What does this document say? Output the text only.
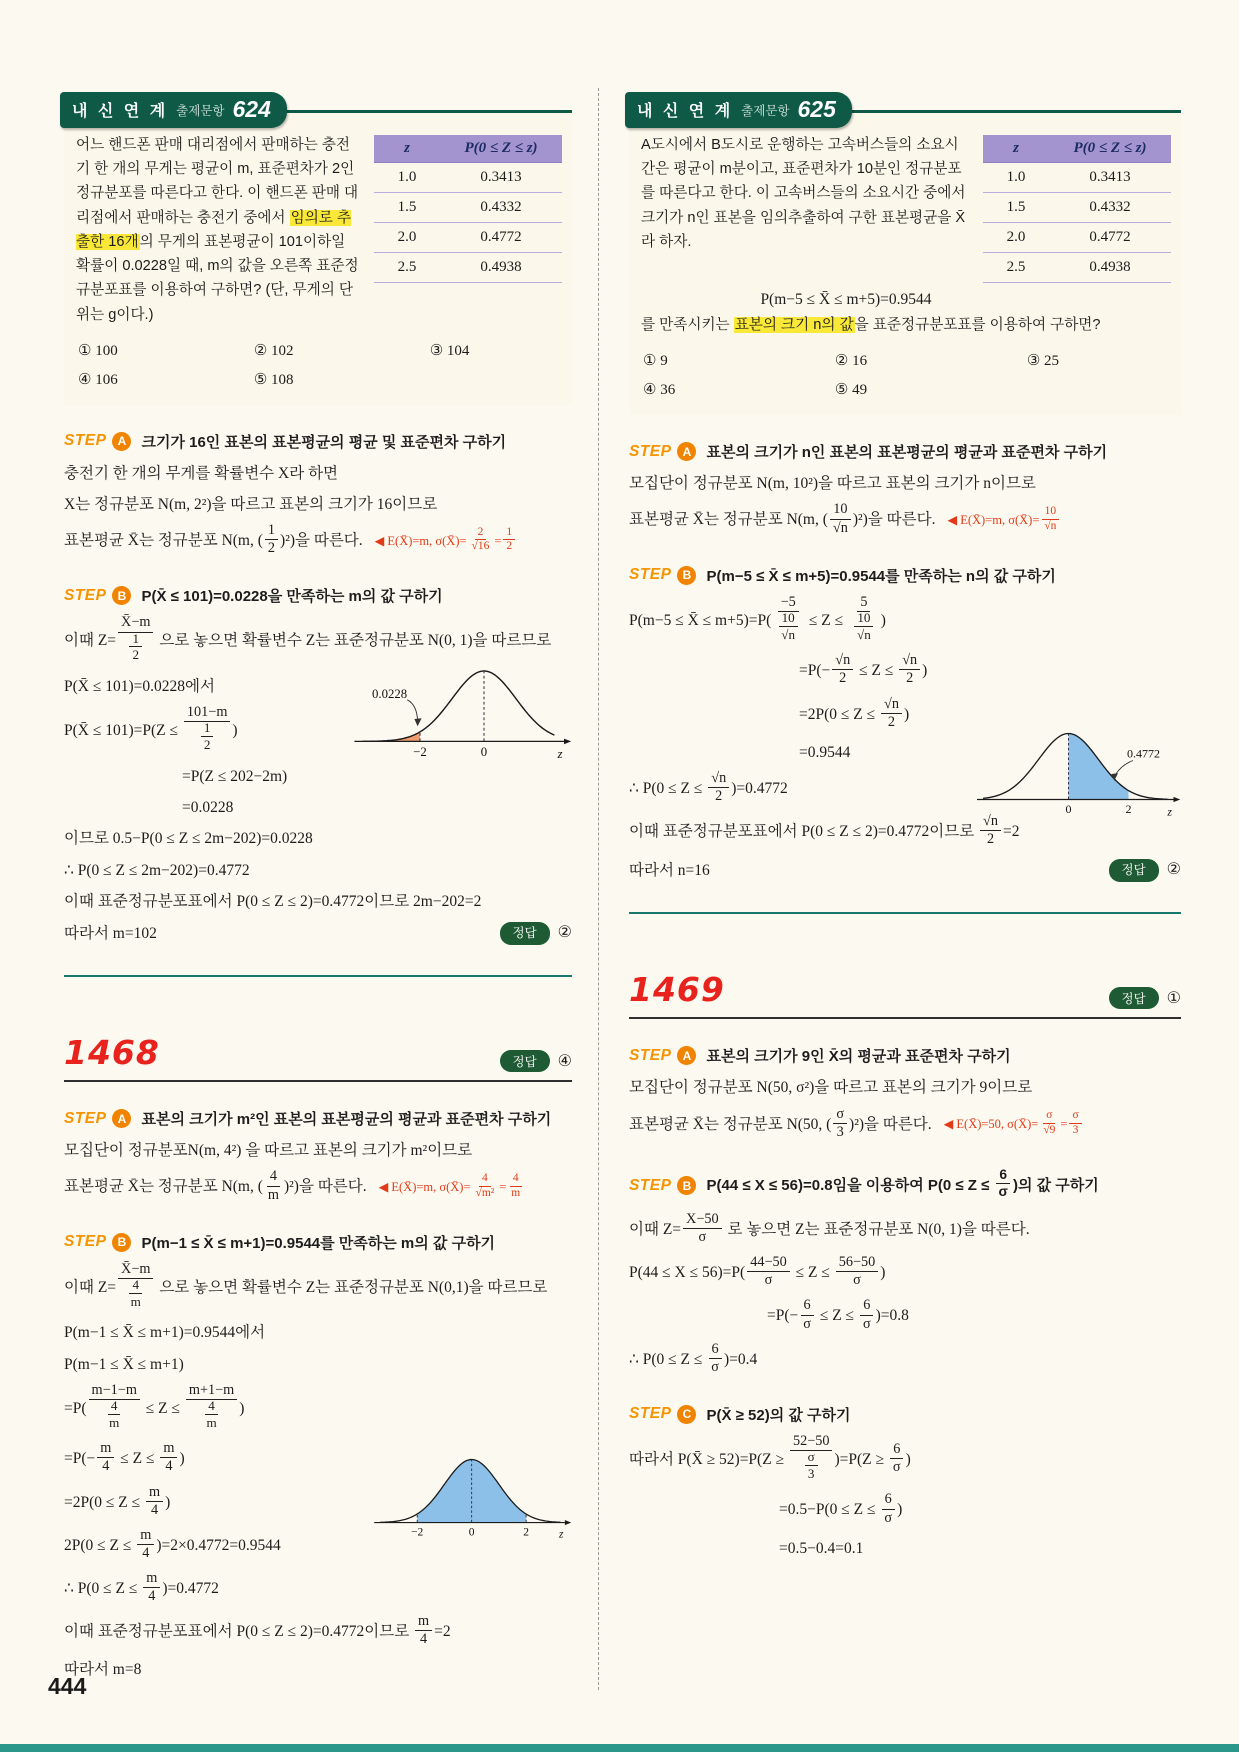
내 신 연 계 출제문항 624

어느 핸드폰 판매 대리점에서 판매하는 충전기 한 개의 무게는 평균이 m, 표준편차가 2인 정규분포를 따른다고 한다. 이 핸드폰 판매 대리점에서 판매하는 충전기 중에서 임의로 추출한 16개의 무게의 표본평균이 101이하일 확률이 0.0228일 때, m의 값을 오른쪽 표준정규분포표를 이용하여 구하면? (단, 무게의 단위는 g이다.)

z	P(0 ≤ Z ≤ z)
1.0	0.3413
1.5	0.4332
2.0	0.4772
2.5	0.4938
① 100	② 102	③ 104
④ 106	⑤ 108
STEP A	크기가 16인 표본의 표본평균의 평균 및 표준편차 구하기
충전기 한 개의 무게를 확률변수 X라 하면
X는 정규분포 N(m, 2²)을 따르고 표본의 크기가 16이므로
표본평균 X̄는 정규분포 N(m, ( $\frac{1}{2} )^2$)을 따른다. ◀ E(X̄)=m, σ(X̄)= $\frac{2}{√16} = \frac{1}{2}$
STEP B	P(X̄ ≤ 101)=0.0228을 만족하는 m의 값 구하기
0.0228
−2	0	z
이때 $Z= \frac{X̄-m}{\frac{1}{2}}$ 으로 놓으면 확률변수 Z는 표준정규분포 N(0, 1)을 따르므로
P(X̄ ≤ 101)=0.0228에서
P(X̄ ≤ $101)=P(Z \le \frac{101-m}{\frac{1}{2}}$ )
=P(Z ≤ 202−2m)
=0.0228
이므로 0.5−P(0 ≤ Z ≤ 2m−202)=0.0228
∴ P(0 ≤ Z ≤ 2m−202)=0.4772
이때 표준정규분포표에서 P(0 ≤ Z ≤ 2)=0.4772이므로 2m−202=2
따라서 m=102	정답	②
1468	정답	④
STEP A	표본의 크기가 m²인 표본의 표본평균의 평균과 표준편차 구하기
모집단이 정규분포N(m, 4²) 을 따르고 표본의 크기가 m²이므로
표본평균 X̄는 정규분포 N(m, ( $\frac{4}{m} )^2$)을 따른다. ◀ E(X̄)=m, σ(X̄)= $\frac{4}{\text{√m²}} = \frac{4}{m}$
STEP B	P(m−1 ≤ X̄ ≤ m+1)=0.9544를 만족하는 m의 값 구하기
−2	0	2 z
이때 $Z= \frac{X̄-m}{\frac{4}{m}}$ 으로 놓으면 확률변수 Z는 표준정규분포 N(0,1)을 따르므로
P(m−1 ≤ X̄ ≤ m+1)=0.9544에서
P(m−1 ≤ X̄ ≤ m+1)
$=P( \frac{m-1-m}{\frac{4}{m}} \le Z \le \frac{m+1-m}{\frac{4}{m}}$ )
$=P(- \frac{m}{4} \le Z \le \frac{m}{4}$ )
$=2P(0 \le Z \le \frac{m}{4}$ )
$2P(0 \le Z \le \frac{m}{4} )=2\times 0.4772=0.9544$
∴ $P(0 \le Z \le \frac{m}{4} )=0.4772$
이때 표준정규분포표에서 P(0 ≤ Z ≤ 2)=0.4772이므로 $\frac{m}{4} =2$
따라서 m=8
내 신 연 계 출제문항 625

A도시에서 B도시로 운행하는 고속버스들의 소요시간은 평균이 m분이고, 표준편차가 10분인 정규분포를 따른다고 한다. 이 고속버스들의 소요시간 중에서 크기가 n인 표본을 임의추출하여 구한 표본평균을 X̄라 하자.

z	P(0 ≤ Z ≤ z)
1.0	0.3413
1.5	0.4332
2.0	0.4772
2.5	0.4938
P(m−5 ≤ X̄ ≤ m+5)=0.9544

를 만족시키는 표본의 크기 n의 값을 표준정규분포표를 이용하여 구하면?

① 9	② 16	③ 25
④ 36	⑤ 49
STEP A	표본의 크기가 n인 표본의 표본평균의 평균과 표준편차 구하기
모집단이 정규분포 N(m, 10²)을 따르고 표본의 크기가 n이므로
표본평균 X̄는 정규분포 N(m, ( $\frac{10}{√n} )^2$)을 따른다. ◀ E(X̄)=m, σ(X̄)= $\frac{10}{√n}$
STEP B	P(m−5 ≤ X̄ ≤ m+5)=0.9544를 만족하는 n의 값 구하기
0.4772
0	2 z
P(m−5 ≤ X̄ ≤ $m+5)=P( \frac{-5}{\frac{10}{√n}} \le Z \le \frac{5}{\frac{10}{√n}}$ )
$=P(- \frac{√n}{2} \le Z \le \frac{√n}{2}$ )
$=2P(0 \le Z \le \frac{√n}{2}$ )
=0.9544
∴ $P(0 \le Z \le \frac{√n}{2} )=0.4772$
이때 표준정규분포표에서 P(0 ≤ Z ≤ 2)=0.4772이므로 $\frac{√n}{2} =2$
따라서 n=16	정답	②
1469	정답	①
STEP A	표본의 크기가 9인 X̄의 평균과 표준편차 구하기
모집단이 정규분포 N(50, σ²)을 따르고 표본의 크기가 9이므로
표본평균 X̄는 정규분포 N(50, ( $\frac{\sigma}{3} )^2$)을 따른다. ◀ E(X̄)=50, σ(X̄)= $\frac{\sigma}{√9} = \frac{\sigma}{3}$
STEP B	P(44 ≤ X ≤ 56)=0.8임을 이용하여 $P(0 \le Z \le \frac{6}{\sigma}$ )의 값 구하기
이때 $Z= \frac{X-50}{\sigma}$ 로 놓으면 Z는 표준정규분포 N(0, 1)을 따른다.
$P(44 \le X \le 56)=P( \frac{44-50}{\sigma} \le Z \le \frac{56-50}{\sigma}$ )
$=P(- \frac{6}{\sigma} \le Z \le \frac{6}{\sigma} )=0.8$
∴ $P(0 \le Z \le \frac{6}{\sigma} )=0.4$
STEP C	P(X̄ ≥ 52)의 값 구하기
따라서 P(X̄ ≥ $52)=P(Z \ge \frac{52-50}{\frac{\sigma}{3}} )=P(Z \ge \frac{6}{\sigma}$ )
$=0.5-P(0 \le Z \le \frac{6}{\sigma}$ )
=0.5−0.4=0.1
444
